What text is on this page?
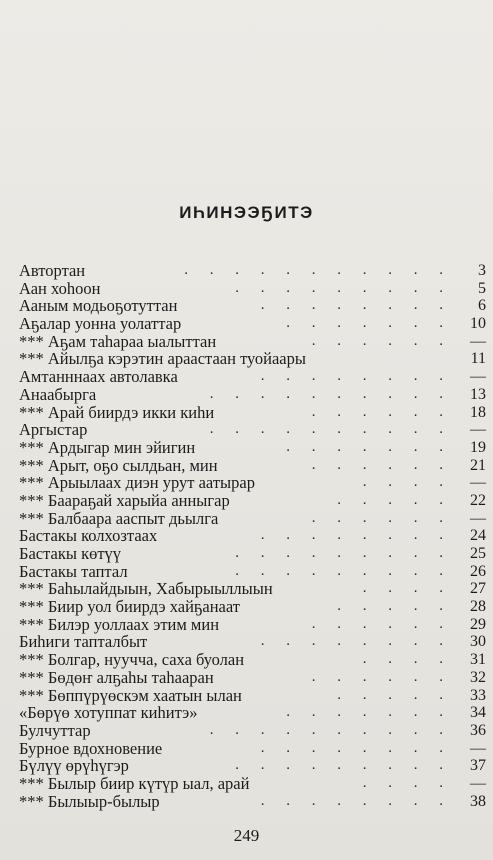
ИҺИНЭЭҔИТЭ
Автортан	. . . . . . . . . . .	3
Аан хоһоон	. . . . . . . . .	5
Ааным модьоҕотуттан	. . . . . . . .	6
Аҕалар уонна уолаттар	. . . . . . .	10
*** Аҕам таһараа ыалыттан	. . . . . .	—
*** Айылҕа кэрэтин араастаан туойаары	11
Амтанннаах автолавка	. . . . . . . .	—
Анаабырга	. . . . . . . . . .	13
*** Арай биирдэ икки киһи	. . . . . .	18
Аргыстар	. . . . . . . . . .	—
*** Ардыгар мин эйигин	. . . . . . .	19
*** Арыт, оҕо сылдьан, мин	. . . . . .	21
*** Арыылаах диэн урут аатырар	. . . .	—
*** Баараҕай харыйа анныгар	. . . . .	22
*** Балбаара ааспыт дьылга	. . . . . .	—
Бастакы колхозтаах	. . . . . . . .	24
Бастакы көтүү	. . . . . . . . .	25
Бастакы таптал	. . . . . . . . .	26
*** Баһылайдыын, Хабырыыллыын	. . . .	27
*** Биир уол биирдэ хайҕанаат	. . . . .	28
*** Билэр уоллаах этим мин	. . . . . .	29
Биһиги тапталбыт	. . . . . . . .	30
*** Болгар, нуучча, саха буолан	. . . .	31
*** Бөдөҥ алҕаһы таһааран	. . . . . .	32
*** Бөппүрүөскэм хаатын ылан	. . . . .	33
«Бөрүө хотуппат киһитэ»	. . . . . . .	34
Булчуттар	. . . . . . . . . .	36
Бурное вдохновение	. . . . . . . .	—
Бүлүү өрүһүгэр	. . . . . . . . .	37
*** Былыр биир күтүр ыал, арай	. . . .	—
*** Былыыр-былыр	. . . . . . . .	38
249
